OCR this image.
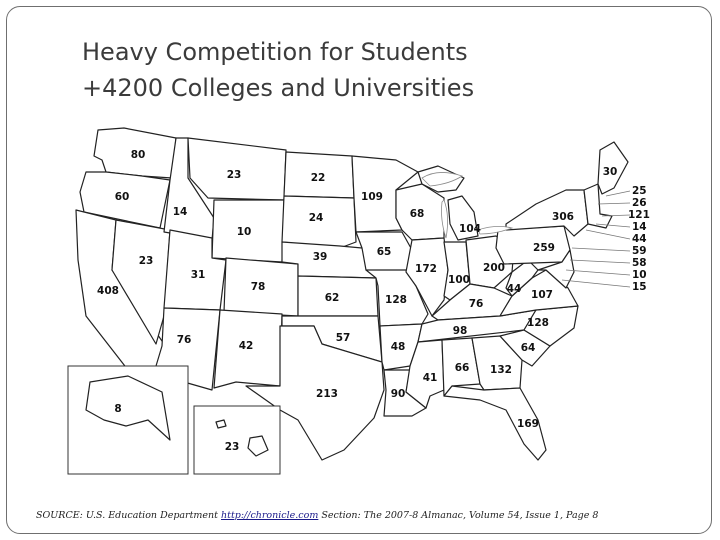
Heavy Competition for Students
+4200 Colleges and Universities
80
60
408
23
14
23
10
31
76
78
42
22
24
39
62
57
213
109
65
128
48
90
68
172
104
100
200
76
98
41
66 132
169
64
128
107
44
259
306
30
8
23
25
26
121
14
44
59
58
10
15

SOURCE: U.S. Education Department http://chronicle.com Section: The 2007-8 Almanac, Volume 54, Issue 1, Page 8
